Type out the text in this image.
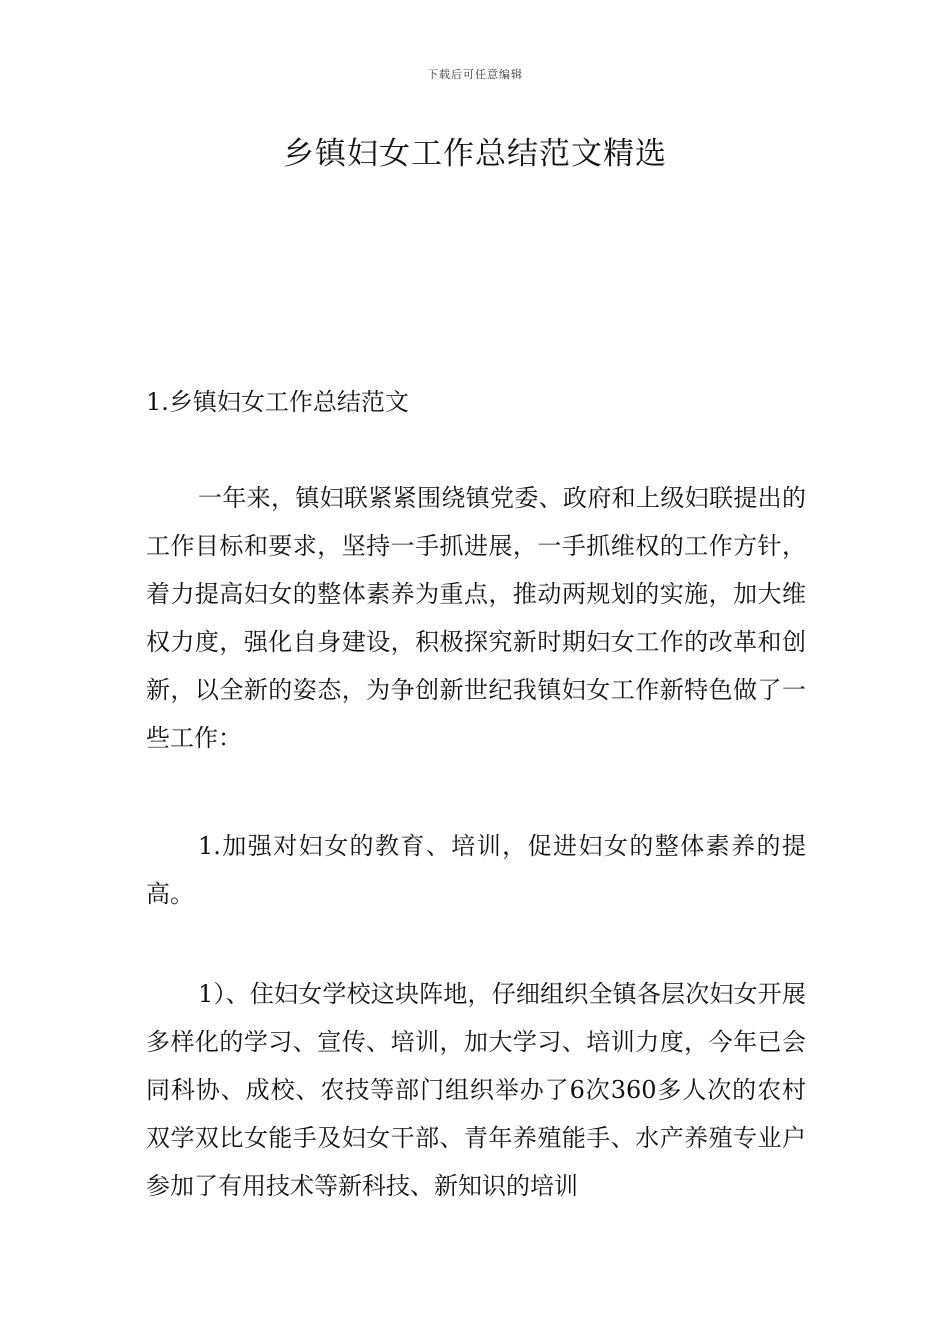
下载后可任意编辑
乡镇妇女工作总结范文精选
1.乡镇妇女工作总结范文

一年来，镇妇联紧紧围绕镇党委、政府和上级妇联提出的工作目标和要求，坚持一手抓进展，一手抓维权的工作方针，着力提高妇女的整体素养为重点，推动两规划的实施，加大维权力度，强化自身建设，积极探究新时期妇女工作的改革和创新，以全新的姿态，为争创新世纪我镇妇女工作新特色做了一些工作：

1.加强对妇女的教育、培训，促进妇女的整体素养的提高。

1）、住妇女学校这块阵地，仔细组织全镇各层次妇女开展多样化的学习、宣传、培训，加大学习、培训力度，今年已会同科协、成校、农技等部门组织举办了6次360多人次的农村双学双比女能手及妇女干部、青年养殖能手、水产养殖专业户参加了有用技术等新科技、新知识的培训
